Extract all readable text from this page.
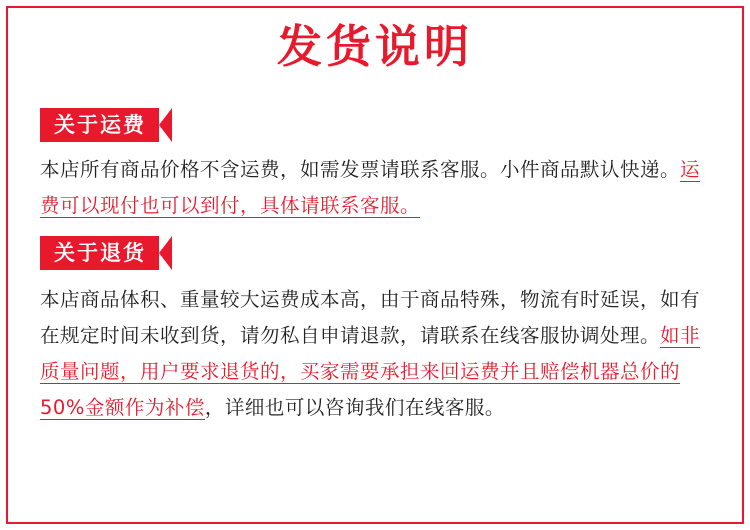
发货说明
关于运费

本店所有商品价格不含运费，如需发票请联系客服。小件商品默认快递。运费可以现付也可以到付，具体请联系客服。

关于退货

本店商品体积、重量较大运费成本高，由于商品特殊，物流有时延误，如有在规定时间未收到货，请勿私自申请退款，请联系在线客服协调处理。如非质量问题，用户要求退货的，买家需要承担来回运费并且赔偿机器总价的50%金额作为补偿，详细也可以咨询我们在线客服。
